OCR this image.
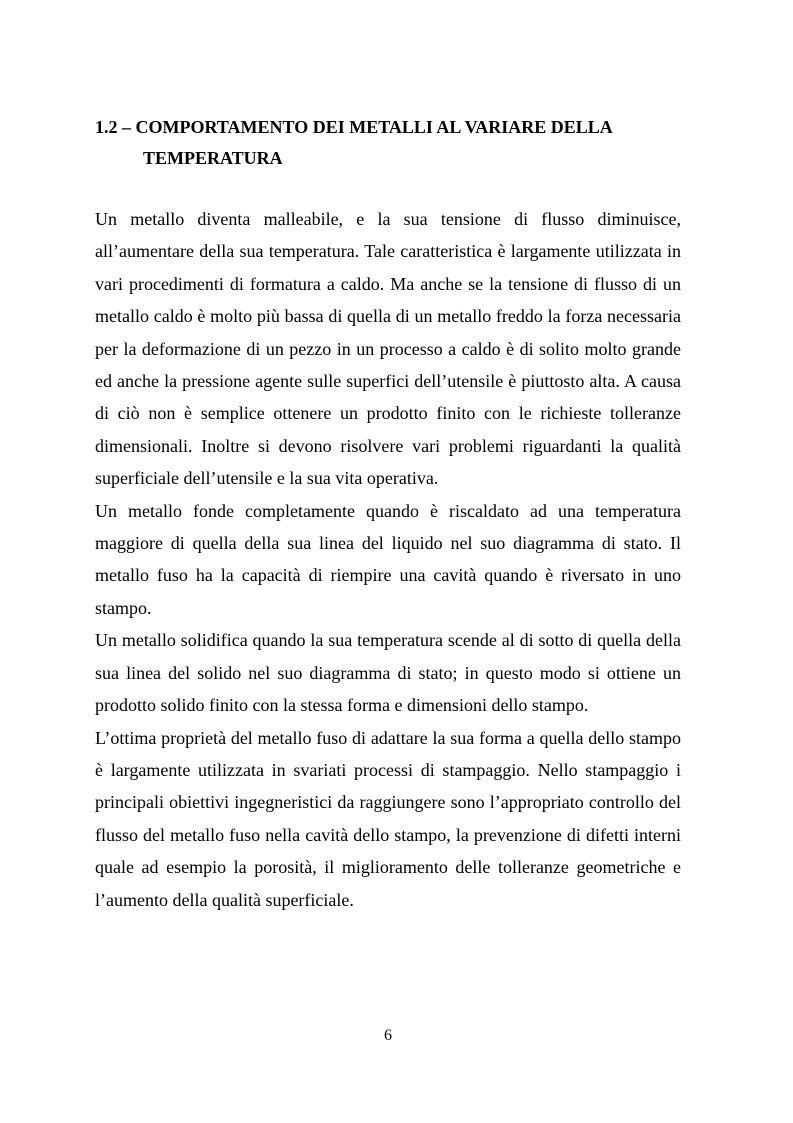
1.2 – COMPORTAMENTO DEI METALLI AL VARIARE DELLA
TEMPERATURA

Un metallo diventa malleabile, e la sua tensione di flusso diminuisce, all’aumentare della sua temperatura. Tale caratteristica è largamente utilizzata in vari procedimenti di formatura a caldo. Ma anche se la tensione di flusso di un metallo caldo è molto più bassa di quella di un metallo freddo la forza necessaria per la deformazione di un pezzo in un processo a caldo è di solito molto grande ed anche la pressione agente sulle superfici dell’utensile è piuttosto alta. A causa di ciò non è semplice ottenere un prodotto finito con le richieste tolleranze dimensionali. Inoltre si devono risolvere vari problemi riguardanti la qualità superficiale dell’utensile e la sua vita operativa.

Un metallo fonde completamente quando è riscaldato ad una temperatura maggiore di quella della sua linea del liquido nel suo diagramma di stato. Il metallo fuso ha la capacità di riempire una cavità quando è riversato in uno stampo.

Un metallo solidifica quando la sua temperatura scende al di sotto di quella della sua linea del solido nel suo diagramma di stato; in questo modo si ottiene un prodotto solido finito con la stessa forma e dimensioni dello stampo.

L’ottima proprietà del metallo fuso di adattare la sua forma a quella dello stampo è largamente utilizzata in svariati processi di stampaggio. Nello stampaggio i principali obiettivi ingegneristici da raggiungere sono l’appropriato controllo del flusso del metallo fuso nella cavità dello stampo, la prevenzione di difetti interni quale ad esempio la porosità, il miglioramento delle tolleranze geometriche e l’aumento della qualità superficiale.

6
